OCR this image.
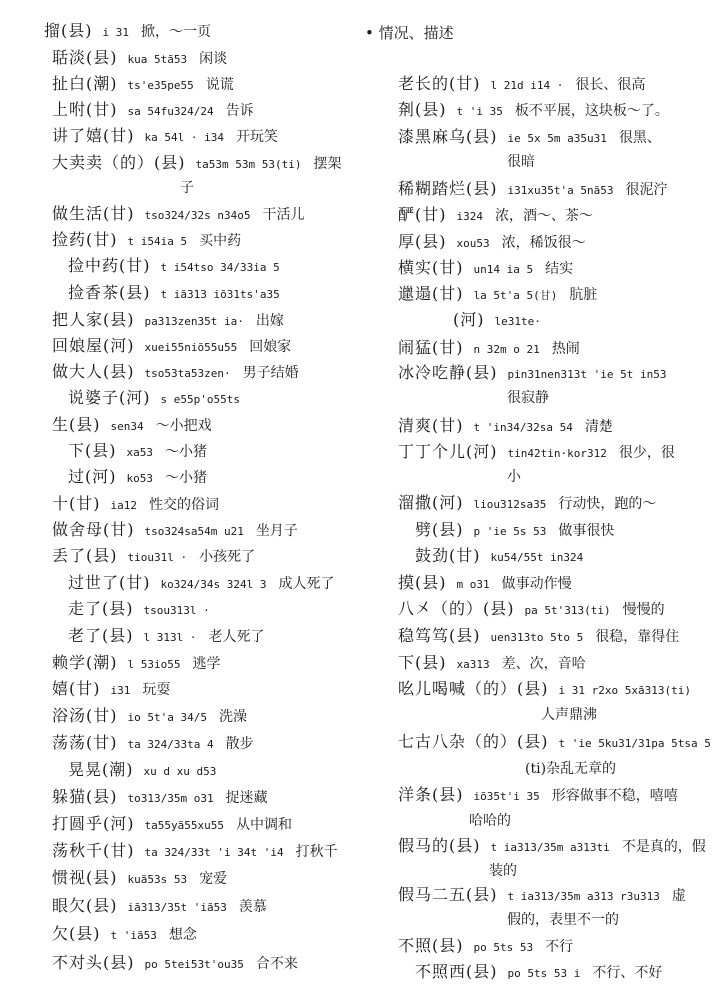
㨨(县) i 31 掀，～一页
聒淡(县) kua 5tã53 闲谈
扯白(潮) ts'e35pe55 说谎
上咐(甘) sa 54fu324/24 告诉
讲了嬉(甘) ka 54l · i34 开玩笑
大卖卖（的）(县) ta53m 53m 53(ti) 摆架
子
做生活(甘) tso324/32s n34o5 干活儿
捡药(甘) t i54ia 5 买中药
捡中药(甘) t i54tso 34/33ia 5
捡香茶(县) t iã313 iõ31ts'a35
把人家(县) pa313zen35t ia· 出嫁
回娘屋(河) xuei55niõ55u55 回娘家
做大人(县) tso53ta53zen· 男子结婚
说婆子(河) s e55p'o55ts
生(县) sen34 ～小把戏
下(县) xa53 ～小猪
过(河) ko53 ～小猪
十(甘) ia12 性交的俗词
做舍母(甘) tso324sa54m u21 坐月子
丢了(县) tiou31l · 小孩死了
过世了(甘) ko324/34s 324l 3 成人死了
走了(县) tsou313l ·
老了(县) l 313l · 老人死了
赖学(潮) l 53io55 逃学
嬉(甘) i31 玩耍
浴汤(甘) io 5t'a 34/5 洗澡
荡荡(甘) ta 324/33ta 4 散步
晃晃(潮) xu d xu d53
躲猫(县) to313/35m o31 捉迷藏
打圆乎(河) ta55yã55xu55 从中调和
荡秋千(甘) ta 324/33t 'i 34t 'i4 打秋千
惯视(县) kuã53s 53 宠爱
眼欠(县) iã313/35t 'iã53 羡慕
欠(县) t 'iã53 想念
不对头(县) po 5tei53t'ou35 合不来
• 情况、描述
老长的(甘) l 21d i14 · 很长、很高
㓫(县) t 'i 35 板不平展，这块板～了。
漆黑麻乌(县) ie 5x 5m a35u31 很黑、
很暗
稀糊踏烂(县) i31xu35t'a 5nã53 很泥泞
酽(甘) i324 浓，酒～、茶～
厚(县) xou53 浓，稀饭很～
横实(甘) un14 ia 5 结实
邋遢(甘) la 5t'a 5(甘) 肮脏
(河) le31te·
闹猛(甘) n 32m o 21 热闹
冰冷吃静(县) pin31nen313t 'ie 5t in53
很寂静
清爽(甘) t 'in34/32sa 54 清楚
丁丁个儿(河) tin42tin·kor312 很少，很
小
溜撒(河) liou312sa35 行动快，跑的～
劈(县) p 'ie 5s 53 做事很快
鼓劲(甘) ku54/55t in324
摸(县) m o31 做事动作慢
八㐅（的）(县) pa 5t'313(ti) 慢慢的
稳笃笃(县) uen313to 5to 5 很稳，靠得住
下(县) xa313 差、次，音哈
吆儿喝喊（的）(县) i 31 r2xo 5xã313(ti)
人声鼎沸
七古八杂（的）(县) t 'ie 5ku31/31pa 5tsa 5
(ti)杂乱无章的
洋条(县) iõ35t'i 35 形容做事不稳，嘻嘻
哈哈的
假马的(县) t ia313/35m a313ti 不是真的，假
装的
假马二五(县) t ia313/35m a313 r3u313 虚
假的，表里不一的
不照(县) po 5ts 53 不行
不照西(县) po 5ts 53 i 不行、不好
